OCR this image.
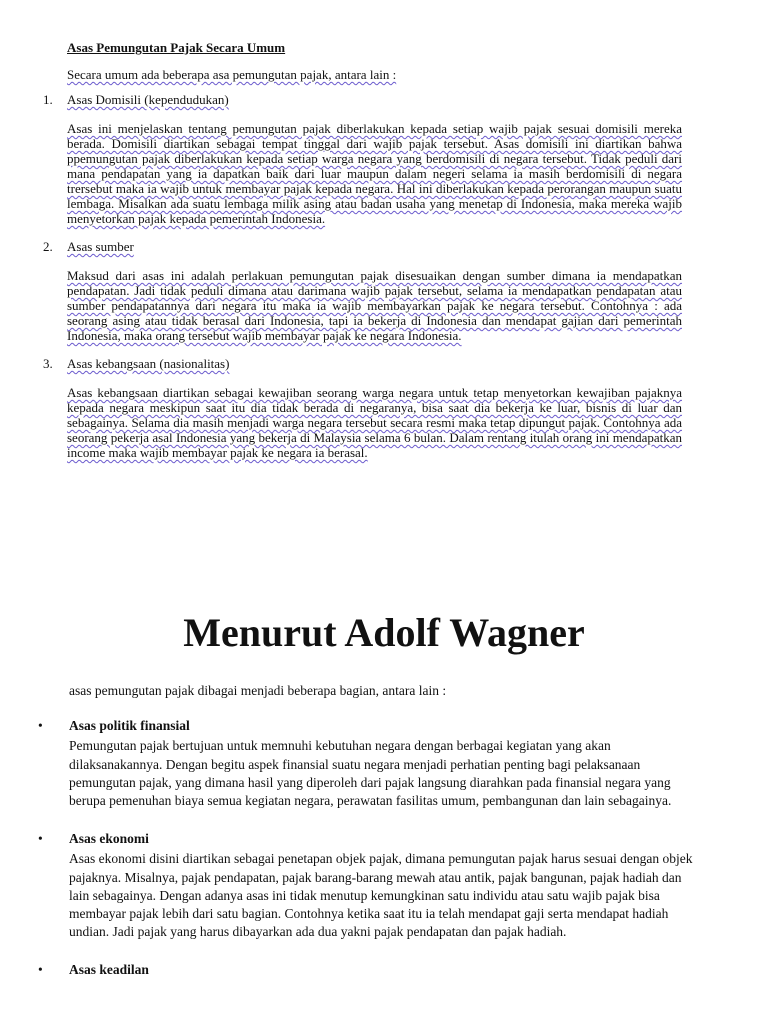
Asas Pemungutan Pajak Secara Umum

Secara umum ada beberapa asa pemungutan pajak, antara lain :

1. Asas Domisili (kependudukan)

Asas ini menjelaskan tentang pemungutan pajak diberlakukan kepada setiap wajib pajak sesuai domisili mereka berada. Domisili diartikan sebagai tempat tinggal dari wajib pajak tersebut. Asas domisili ini diartikan bahwa ppemungutan pajak diberlakukan kepada setiap warga negara yang berdomisili di negara tersebut. Tidak peduli dari mana pendapatan yang ia dapatkan baik dari luar maupun dalam negeri selama ia masih berdomisili di negara trersebut maka ia wajib untuk membayar pajak kepada negara. Hal ini diberlakukan kepada perorangan maupun suatu lembaga. Misalkan ada suatu lembaga milik asing atau badan usaha yang menetap di Indonesia, maka mereka wajib menyetorkan pajak kepada pemerintah Indonesia.

2. Asas sumber

Maksud dari asas ini adalah perlakuan pemungutan pajak disesuaikan dengan sumber dimana ia mendapatkan pendapatan. Jadi tidak peduli dimana atau darimana wajib pajak tersebut, selama ia mendapatkan pendapatan atau sumber pendapatannya dari negara itu maka ia wajib membayarkan pajak ke negara tersebut. Contohnya : ada seorang asing atau tidak berasal dari Indonesia, tapi ia bekerja di Indonesia dan mendapat gajian dari pemerintah Indonesia, maka orang tersebut wajib membayar pajak ke negara Indonesia.

3. Asas kebangsaan (nasionalitas)

Asas kebangsaan diartikan sebagai kewajiban seorang warga negara untuk tetap menyetorkan kewajiban pajaknya kepada negara meskipun saat itu dia tidak berada di negaranya, bisa saat dia bekerja ke luar, bisnis di luar dan sebagainya. Selama dia masih menjadi warga negara tersebut secara resmi maka tetap dipungut pajak. Contohnya ada seorang pekerja asal Indonesia yang bekerja di Malaysia selama 6 bulan. Dalam rentang itulah orang ini mendapatkan income maka wajib membayar pajak ke negara ia berasal.

Menurut Adolf Wagner

asas pemungutan pajak dibagai menjadi beberapa bagian, antara lain :

• Asas politik finansial

Pemungutan pajak bertujuan untuk memnuhi kebutuhan negara dengan berbagai kegiatan yang akan dilaksanakannya. Dengan begitu aspek finansial suatu negara menjadi perhatian penting bagi pelaksanaan pemungutan pajak, yang dimana hasil yang diperoleh dari pajak langsung diarahkan pada finansial negara yang berupa pemenuhan biaya semua kegiatan negara, perawatan fasilitas umum, pembangunan dan lain sebagainya.

• Asas ekonomi

Asas ekonomi disini diartikan sebagai penetapan objek pajak, dimana pemungutan pajak harus sesuai dengan objek pajaknya. Misalnya, pajak pendapatan, pajak barang-barang mewah atau antik, pajak bangunan, pajak hadiah dan lain sebagainya. Dengan adanya asas ini tidak menutup kemungkinan satu individu atau satu wajib pajak bisa membayar pajak lebih dari satu bagian. Contohnya ketika saat itu ia telah mendapat gaji serta mendapat hadiah undian. Jadi pajak yang harus dibayarkan ada dua yakni pajak pendapatan dan pajak hadiah.

• Asas keadilan
